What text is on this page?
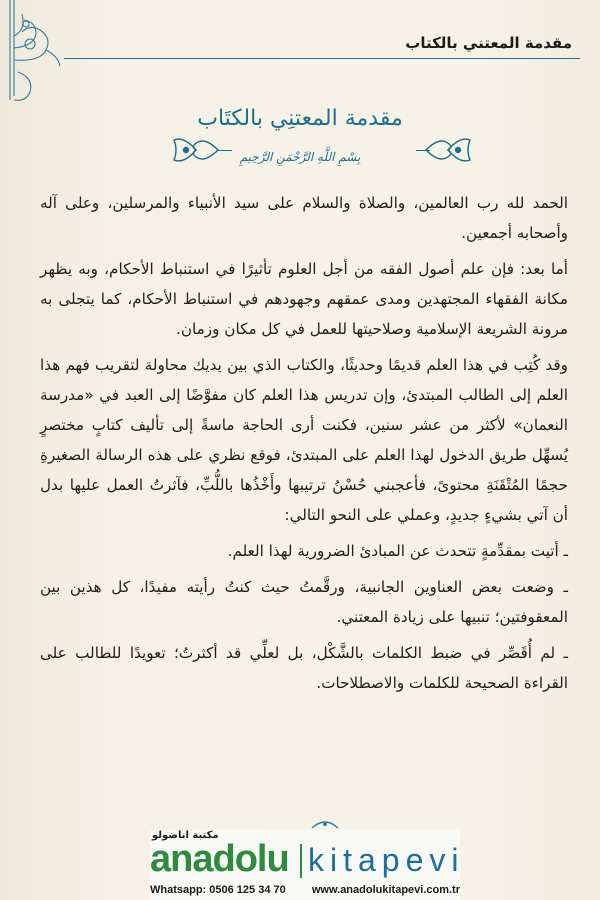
مقدمة المعتني بالكتاب
مقدمة المعتنِي بالكتَاب
بِسْمِ اللَّهِ الرَّحْمَنِ الرَّحِيمِ

الحمد لله رب العالمين، والصلاة والسلام على سيد الأنبياء والمرسلين، وعلى آله وأصحابه أجمعين.

أما بعد: فإن علم أصول الفقه من أجل العلوم تأثيرًا في استنباط الأحكام، وبه يظهر مكانة الفقهاء المجتهدين ومدى عمقهم وجهودهم في استنباط الأحكام، كما يتجلى به مرونة الشريعة الإسلامية وصلاحيتها للعمل في كل مكان وزمان.

وقد كُتِب في هذا العلم قديمًا وحديثًا، والكتاب الذي بين يديك محاولة لتقريب فهم هذا العلم إلى الطالب المبتدئ، وإن تدريس هذا العلم كان مفوَّضًا إلى العبد في «مدرسة النعمان» لأكثر من عشر سنين، فكنت أرى الحاجة ماسةً إلى تأليف كتابٍ مختصرٍ يُسهِّل طريق الدخول لهذا العلم على المبتدئ، فوقع نظري على هذه الرسالة الصغيرةِ حجمًا المُتْقَنَةِ محتوىً، فأعجبني حُسْنُ ترتيبها وأَخْذُها باللُّبِّ، فآثرتُ العمل عليها بدل أن آتي بشيءٍ جديدٍ، وعملي على النحو التالي:

ـ أتيت بمقدِّمةٍ تتحدث عن المبادئ الضرورية لهذا العلم.

ـ وضعت بعض العناوين الجانبية، ورقَّمتُ حيث كنتُ رأيته مفيدًا، كل هذين بين المعقوفتين؛ تنبيها على زيادة المعتني.

ـ لم أُقَصِّر في ضبط الكلمات بالشَّكْل، بل لعلِّي قد أكثرتُ؛ تعويدًا للطالب على القراءة الصحيحة للكلمات والاصطلاحات.

مكتبة اناضولو
anadolu kitapevi
Whatsapp: 0506 125 34 70 www.anadolukitapevi.com.tr
